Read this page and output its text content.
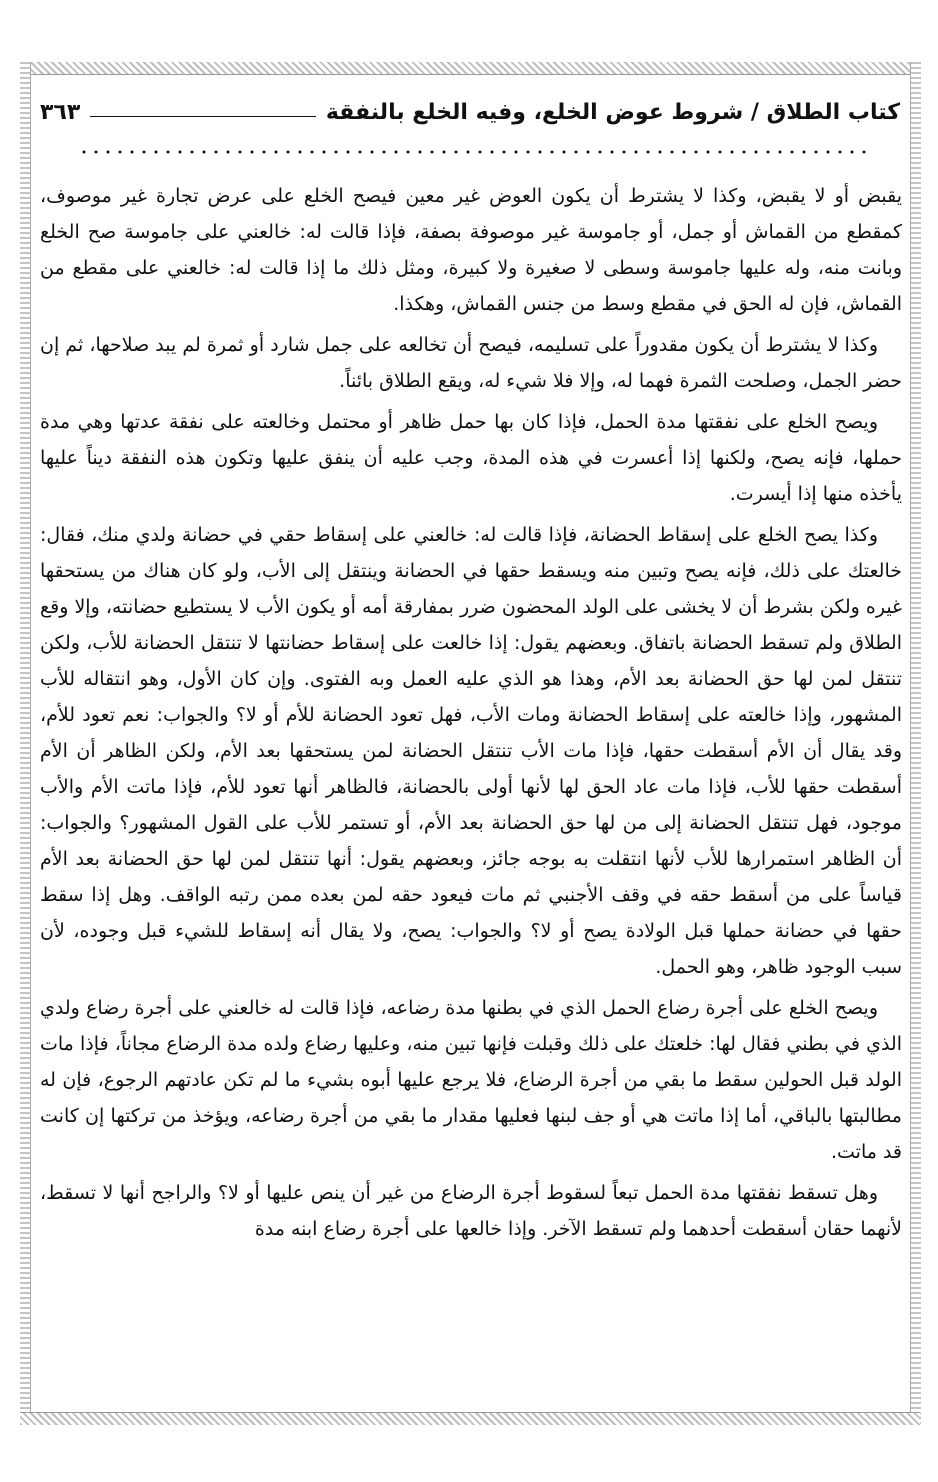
كتاب الطلاق / شروط عوض الخلع، وفيه الخلع بالنفقة
٣٦٣

يقبض أو لا يقبض، وكذا لا يشترط أن يكون العوض غير معين فيصح الخلع على عرض تجارة غير موصوف، كمقطع من القماش أو جمل، أو جاموسة غير موصوفة بصفة، فإذا قالت له: خالعني على جاموسة صح الخلع وبانت منه، وله عليها جاموسة وسطى لا صغيرة ولا كبيرة، ومثل ذلك ما إذا قالت له: خالعني على مقطع من القماش، فإن له الحق في مقطع وسط من جنس القماش، وهكذا.

وكذا لا يشترط أن يكون مقدوراً على تسليمه، فيصح أن تخالعه على جمل شارد أو ثمرة لم يبد صلاحها، ثم إن حضر الجمل، وصلحت الثمرة فهما له، وإلا فلا شيء له، ويقع الطلاق بائناً.

ويصح الخلع على نفقتها مدة الحمل، فإذا كان بها حمل ظاهر أو محتمل وخالعته على نفقة عدتها وهي مدة حملها، فإنه يصح، ولكنها إذا أعسرت في هذه المدة، وجب عليه أن ينفق عليها وتكون هذه النفقة ديناً عليها يأخذه منها إذا أيسرت.

وكذا يصح الخلع على إسقاط الحضانة، فإذا قالت له: خالعني على إسقاط حقي في حضانة ولدي منك، فقال: خالعتك على ذلك، فإنه يصح وتبين منه ويسقط حقها في الحضانة وينتقل إلى الأب، ولو كان هناك من يستحقها غيره ولكن بشرط أن لا يخشى على الولد المحضون ضرر بمفارقة أمه أو يكون الأب لا يستطيع حضانته، وإلا وقع الطلاق ولم تسقط الحضانة باتفاق. وبعضهم يقول: إذا خالعت على إسقاط حضانتها لا تنتقل الحضانة للأب، ولكن تنتقل لمن لها حق الحضانة بعد الأم، وهذا هو الذي عليه العمل وبه الفتوى. وإن كان الأول، وهو انتقاله للأب المشهور، وإذا خالعته على إسقاط الحضانة ومات الأب، فهل تعود الحضانة للأم أو لا؟ والجواب: نعم تعود للأم، وقد يقال أن الأم أسقطت حقها، فإذا مات الأب تنتقل الحضانة لمن يستحقها بعد الأم، ولكن الظاهر أن الأم أسقطت حقها للأب، فإذا مات عاد الحق لها لأنها أولى بالحضانة، فالظاهر أنها تعود للأم، فإذا ماتت الأم والأب موجود، فهل تنتقل الحضانة إلى من لها حق الحضانة بعد الأم، أو تستمر للأب على القول المشهور؟ والجواب: أن الظاهر استمرارها للأب لأنها انتقلت به بوجه جائز، وبعضهم يقول: أنها تنتقل لمن لها حق الحضانة بعد الأم قياساً على من أسقط حقه في وقف الأجنبي ثم مات فيعود حقه لمن بعده ممن رتبه الواقف. وهل إذا سقط حقها في حضانة حملها قبل الولادة يصح أو لا؟ والجواب: يصح، ولا يقال أنه إسقاط للشيء قبل وجوده، لأن سبب الوجود ظاهر، وهو الحمل.

ويصح الخلع على أجرة رضاع الحمل الذي في بطنها مدة رضاعه، فإذا قالت له خالعني على أجرة رضاع ولدي الذي في بطني فقال لها: خلعتك على ذلك وقبلت فإنها تبين منه، وعليها رضاع ولده مدة الرضاع مجاناً، فإذا مات الولد قبل الحولين سقط ما بقي من أجرة الرضاع، فلا يرجع عليها أبوه بشيء ما لم تكن عادتهم الرجوع، فإن له مطالبتها بالباقي، أما إذا ماتت هي أو جف لبنها فعليها مقدار ما بقي من أجرة رضاعه، ويؤخذ من تركتها إن كانت قد ماتت.

وهل تسقط نفقتها مدة الحمل تبعاً لسقوط أجرة الرضاع من غير أن ينص عليها أو لا؟ والراجح أنها لا تسقط، لأنهما حقان أسقطت أحدهما ولم تسقط الآخر. وإذا خالعها على أجرة رضاع ابنه مدة
